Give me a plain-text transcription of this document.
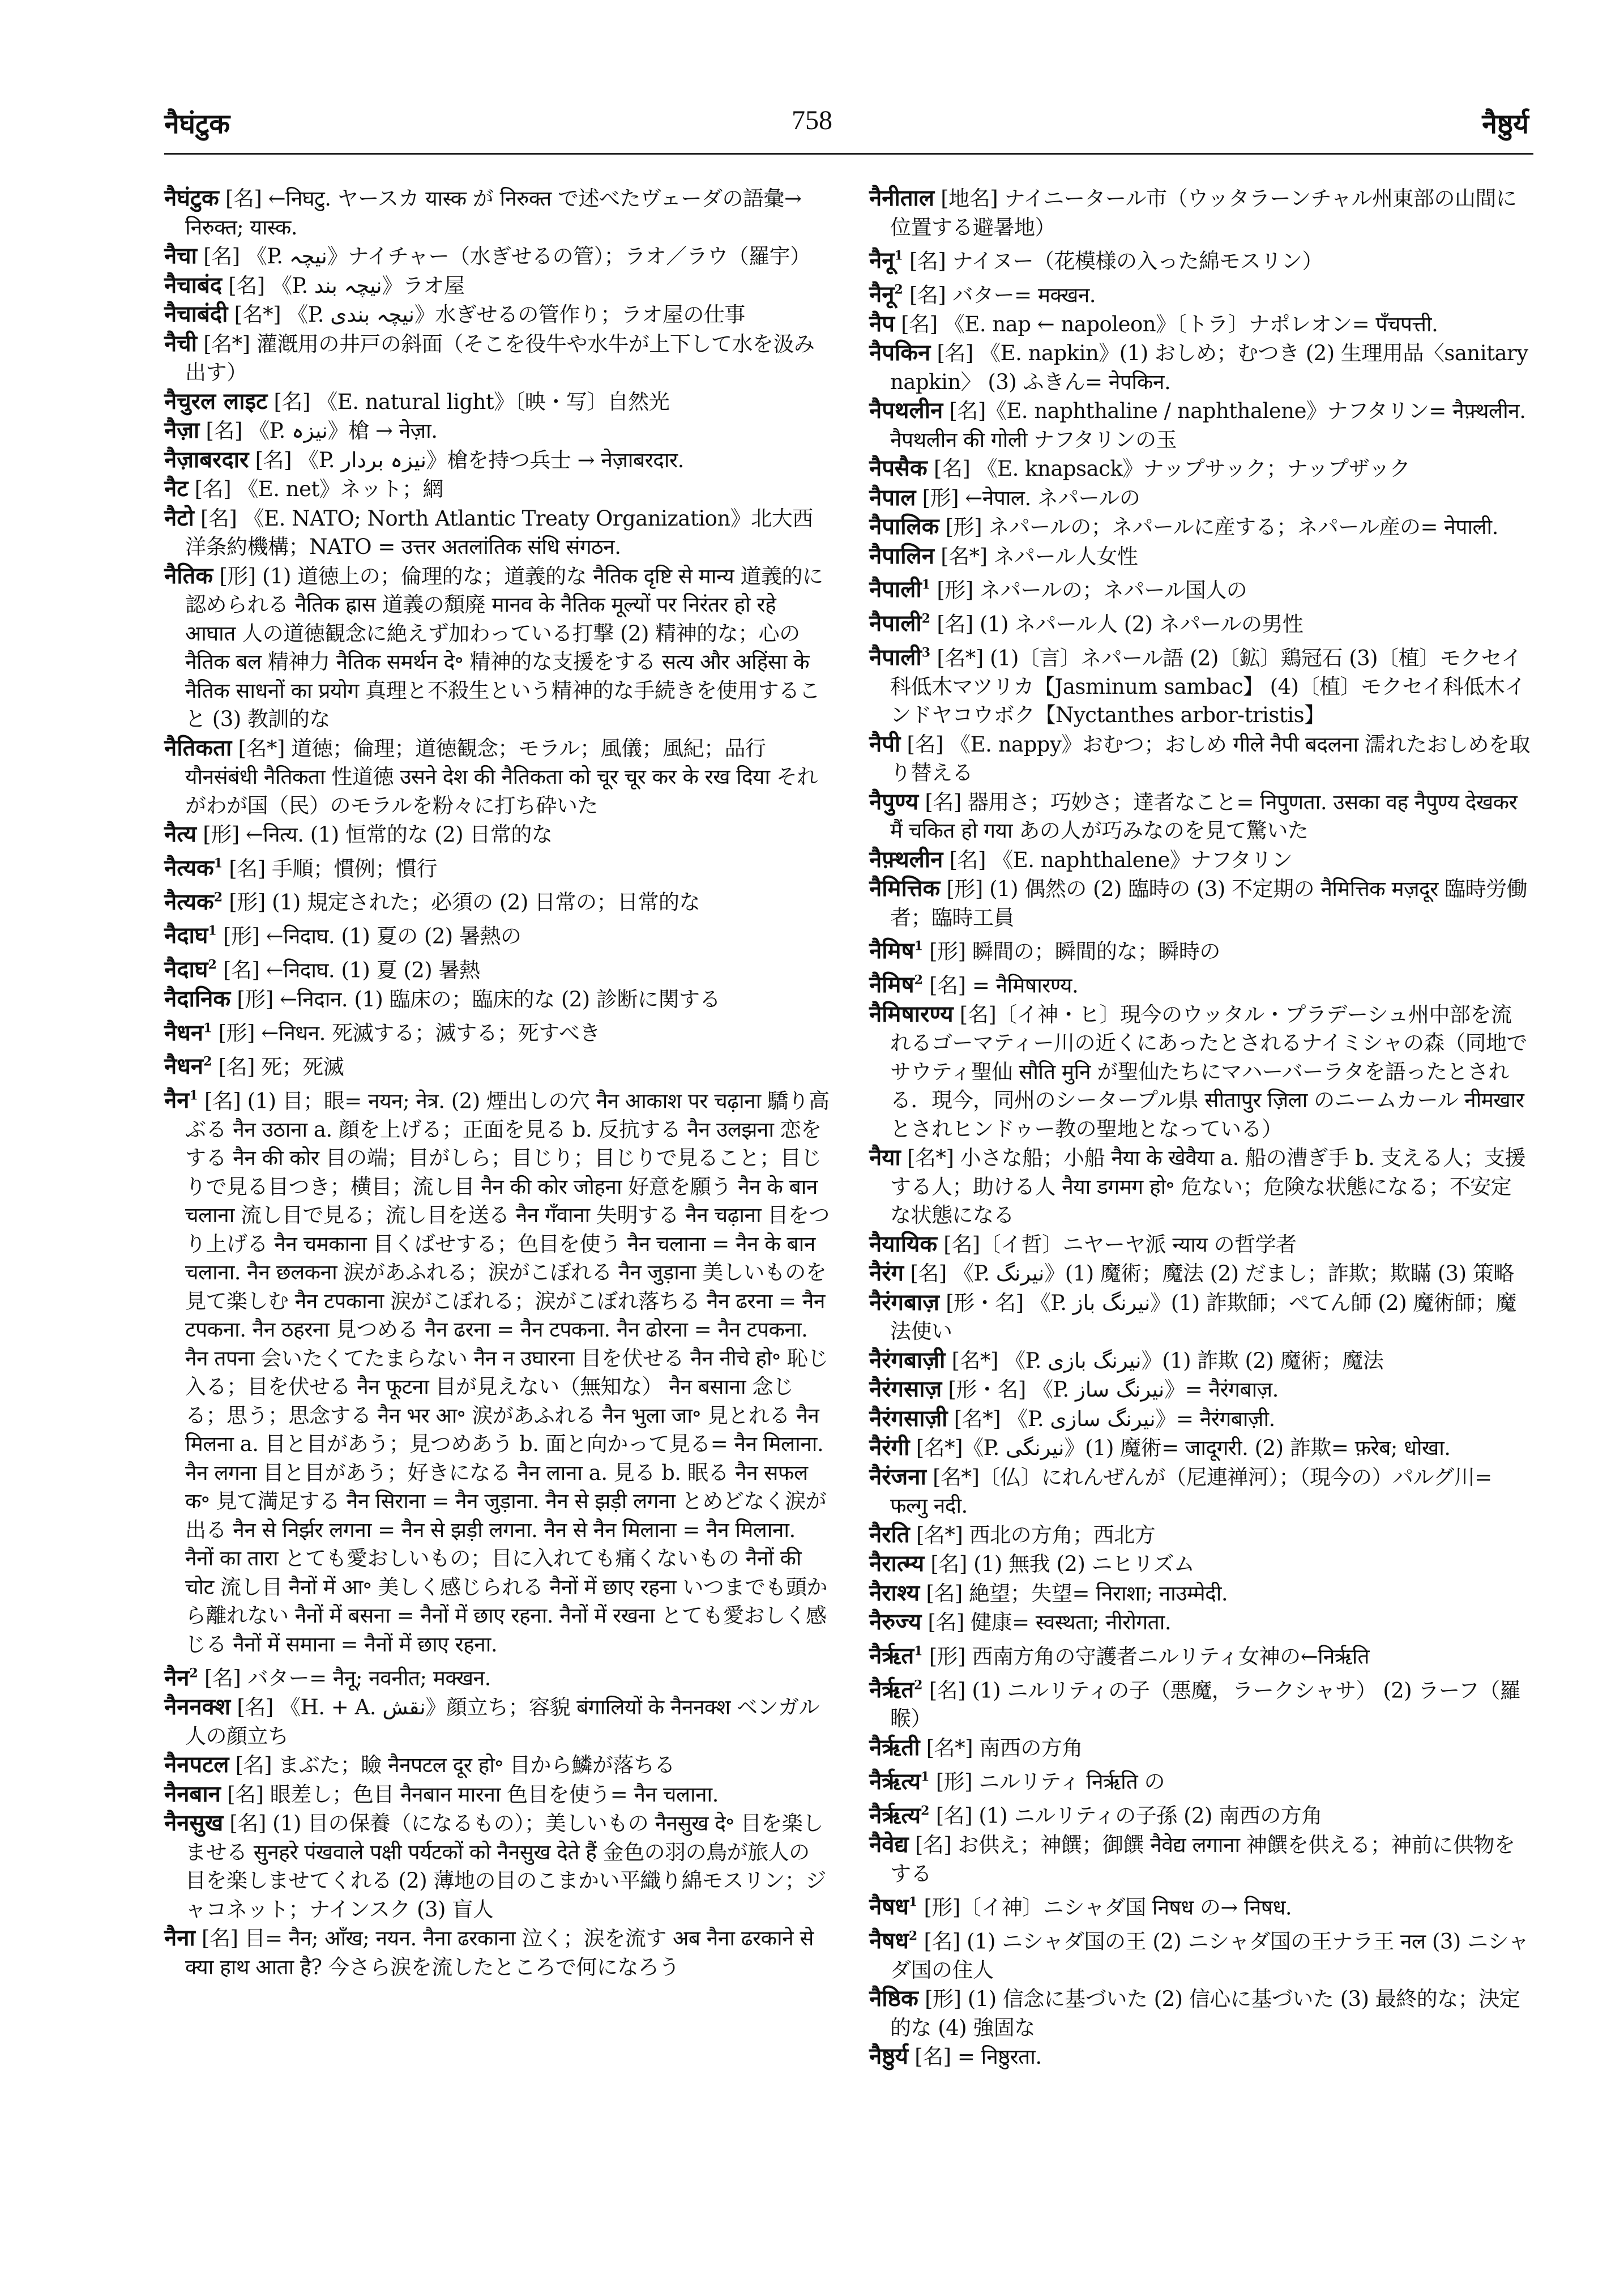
नैघंटुक	758	नैष्ठुर्य

नैघंटुक [名] ←निघटु. ヤースカ यास्क が निरुक्त で述べたヴェーダの語彙→ निरुक्त; यास्क.

नैचा [名] 《P. نیچہ》ナイチャー（水ぎせるの管）；ラオ／ラウ（羅宇）

नैचाबंद [名] 《P. نیچہ بند》ラオ屋

नैचाबंदी [名*] 《P. نیچہ بندی》水ぎせるの管作り；ラオ屋の仕事

नैची [名*] 灌漑用の井戸の斜面（そこを役牛や水牛が上下して水を汲み出す）

नैचुरल लाइट [名] 《E. natural light》〔映・写〕自然光

नैज़ा [名] 《P. نیزہ》槍 → नेज़ा.

नैज़ाबरदार [名] 《P. نیزہ بردار》槍を持つ兵士 → नेज़ाबरदार.

नैट [名] 《E. net》ネット；網

नैटो [名] 《E. NATO; North Atlantic Treaty Organization》北大西洋条約機構；NATO = उत्तर अतलांतिक संधि संगठन.

नैतिक [形] (1) 道徳上の；倫理的な；道義的な नैतिक दृष्टि से मान्य 道義的に認められる नैतिक ह्रास 道義の頽廃 मानव के नैतिक मूल्यों पर निरंतर हो रहे आघात 人の道徳観念に絶えず加わっている打撃 (2) 精神的な；心の नैतिक बल 精神力 नैतिक समर्थन दे॰ 精神的な支援をする सत्य और अहिंसा के नैतिक साधनों का प्रयोग 真理と不殺生という精神的な手続きを使用すること (3) 教訓的な

नैतिकता [名*] 道徳；倫理；道徳観念；モラル；風儀；風紀；品行 यौनसंबंधी नैतिकता 性道徳 उसने देश की नैतिकता को चूर चूर कर के रख दिया それがわが国（民）のモラルを粉々に打ち砕いた

नैत्य [形] ←नित्य. (1) 恒常的な (2) 日常的な

नैत्यक$^1$ [名] 手順；慣例；慣行

नैत्यक$^2$ [形] (1) 規定された；必須の (2) 日常の；日常的な

नैदाघ$^1$ [形] ←निदाघ. (1) 夏の (2) 暑熱の

नैदाघ$^2$ [名] ←निदाघ. (1) 夏 (2) 暑熱

नैदानिक [形] ←निदान. (1) 臨床の；臨床的な (2) 診断に関する

नैधन$^1$ [形] ←निधन. 死滅する；滅する；死すべき

नैधन$^2$ [名] 死；死滅

नैन$^1$ [名] (1) 目；眼= नयन; नेत्र. (2) 煙出しの穴 नैन आकाश पर चढ़ाना 驕り高ぶる नैन उठाना a. 顔を上げる；正面を見る b. 反抗する नैन उलझना 恋をする नैन की कोर 目の端；目がしら；目じり；目じりで見ること；目じりで見る目つき；横目；流し目 नैन की कोर जोहना 好意を願う नैन के बान चलाना 流し目で見る；流し目を送る नैन गँवाना 失明する नैन चढ़ाना 目をつり上げる नैन चमकाना 目くばせする；色目を使う नैन चलाना = नैन के बान चलाना. नैन छलकना 涙があふれる；涙がこぼれる नैन जुड़ाना 美しいものを見て楽しむ नैन टपकाना 涙がこぼれる；涙がこぼれ落ちる नैन ढरना = नैन टपकना. नैन ठहरना 見つめる नैन ढरना = नैन टपकना. नैन ढोरना = नैन टपकना. नैन तपना 会いたくてたまらない नैन न उघारना 目を伏せる नैन नीचे हो॰ 恥じ入る；目を伏せる नैन फूटना 目が見えない（無知な） नैन बसाना 念じる；思う；思念する नैन भर आ॰ 涙があふれる नैन भुला जा॰ 見とれる नैन मिलना a. 目と目があう；見つめあう b. 面と向かって見る= नैन मिलाना. नैन लगना 目と目があう；好きになる नैन लाना a. 見る b. 眠る नैन सफल क॰ 見て満足する नैन सिराना = नैन जुड़ाना. नैन से झड़ी लगना とめどなく涙が出る नैन से निर्झर लगना = नैन से झड़ी लगना. नैन से नैन मिलाना = नैन मिलाना. नैनों का तारा とても愛おしいもの；目に入れても痛くないもの नैनों की चोट 流し目 नैनों में आ॰ 美しく感じられる नैनों में छाए रहना いつまでも頭から離れない नैनों में बसना = नैनों में छाए रहना. नैनों में रखना とても愛おしく感じる नैनों में समाना = नैनों में छाए रहना.

नैन$^2$ [名] バター= नैनू; नवनीत; मक्खन.

नैननक्श [名] 《H. + A. نقش》顔立ち；容貌 बंगालियों के नैननक्श ベンガル人の顔立ち

नैनपटल [名] まぶた；瞼 नैनपटल दूर हो॰ 目から鱗が落ちる

नैनबान [名] 眼差し；色目 नैनबान मारना 色目を使う= नैन चलाना.

नैनसुख [名] (1) 目の保養（になるもの）；美しいもの नैनसुख दे॰ 目を楽しませる सुनहरे पंखवाले पक्षी पर्यटकों को नैनसुख देते हैं 金色の羽の鳥が旅人の目を楽しませてくれる (2) 薄地の目のこまかい平織り綿モスリン；ジャコネット；ナインスク (3) 盲人

नैना [名] 目= नैन; आँख; नयन. नैना ढरकाना 泣く；涙を流す अब नैना ढरकाने से क्या हाथ आता है? 今さら涙を流したところで何になろう

नैनीताल [地名] ナイニータール市（ウッタラーンチャル州東部の山間に位置する避暑地）

नैनू$^1$ [名] ナイヌー（花模様の入った綿モスリン）

नैनू$^2$ [名] バター= मक्खन.

नैप [名] 《E. nap ← napoleon》〔トラ〕ナポレオン= पँचपत्ती.

नैपकिन [名] 《E. napkin》(1) おしめ；むつき (2) 生理用品〈sanitary napkin〉 (3) ふきん= नेपकिन.

नैपथलीन [名]《E. naphthaline / naphthalene》ナフタリン= नैफ़्थलीन. नैपथलीन की गोली ナフタリンの玉

नैपसैक [名] 《E. knapsack》ナップサック；ナップザック

नैपाल [形] ←नेपाल. ネパールの

नैपालिक [形] ネパールの；ネパールに産する；ネパール産の= नेपाली.

नैपालिन [名*] ネパール人女性

नैपाली$^1$ [形] ネパールの；ネパール国人の

नैपाली$^2$ [名] (1) ネパール人 (2) ネパールの男性

नैपाली$^3$ [名*] (1)〔言〕ネパール語 (2)〔鉱〕鶏冠石 (3)〔植〕モクセイ科低木マツリカ【Jasminum sambac】 (4)〔植〕モクセイ科低木インドヤコウボク【Nyctanthes arbor-tristis】

नैपी [名] 《E. nappy》おむつ；おしめ गीले नैपी बदलना 濡れたおしめを取り替える

नैपुण्य [名] 器用さ；巧妙さ；達者なこと= निपुणता. उसका वह नैपुण्य देखकर मैं चकित हो गया あの人が巧みなのを見て驚いた

नैफ़्थलीन [名] 《E. naphthalene》ナフタリン

नैमित्तिक [形] (1) 偶然の (2) 臨時の (3) 不定期の नैमित्तिक मज़दूर 臨時労働者；臨時工員

नैमिष$^1$ [形] 瞬間の；瞬間的な；瞬時の

नैमिष$^2$ [名] = नैमिषारण्य.

नैमिषारण्य [名]〔イ神・ヒ〕現今のウッタル・プラデーシュ州中部を流れるゴーマティー川の近くにあったとされるナイミシャの森（同地でサウティ聖仙 सौति मुनि が聖仙たちにマハーバーラタを語ったとされる．現今，同州のシータープル県 सीतापुर ज़िला のニームカール नीमखार とされヒンドゥー教の聖地となっている）

नैया [名*] 小さな船；小船 नैया के खेवैया a. 船の漕ぎ手 b. 支える人；支援する人；助ける人 नैया डगमग हो॰ 危ない；危険な状態になる；不安定な状態になる

नैयायिक [名]〔イ哲〕ニヤーヤ派 न्याय の哲学者

नैरंग [名] 《P. نیرنگ》(1) 魔術；魔法 (2) だまし；詐欺；欺瞞 (3) 策略

नैरंगबाज़ [形・名] 《P. نیرنگ باز》(1) 詐欺師；ぺてん師 (2) 魔術師；魔法使い

नैरंगबाज़ी [名*] 《P. نیرنگ بازی》(1) 詐欺 (2) 魔術；魔法

नैरंगसाज़ [形・名] 《P. نیرنگ ساز》= नैरंगबाज़.

नैरंगसाज़ी [名*] 《P. نیرنگ سازی》= नैरंगबाज़ी.

नैरंगी [名*]《P. نیرنگی》(1) 魔術= जादूगरी. (2) 詐欺= फ़रेब; धोखा.

नैरंजना [名*]〔仏〕にれんぜんが（尼連禅河）；（現今の）パルグ川= फल्गु नदी.

नैरति [名*] 西北の方角；西北方

नैरात्म्य [名] (1) 無我 (2) ニヒリズム

नैराश्य [名] 絶望；失望= निराशा; नाउम्मेदी.

नैरुज्य [名] 健康= स्वस्थता; नीरोगता.

नैर्ऋत$^1$ [形] 西南方角の守護者ニルリティ女神の←निर्ऋति

नैर्ऋत$^2$ [名] (1) ニルリティの子（悪魔，ラークシャサ） (2) ラーフ（羅睺）

नैर्ऋती [名*] 南西の方角

नैर्ऋत्य$^1$ [形] ニルリティ निर्ऋति の

नैर्ऋत्य$^2$ [名] (1) ニルリティの子孫 (2) 南西の方角

नैवेद्य [名] お供え；神饌；御饌 नैवेद्य लगाना 神饌を供える；神前に供物をする

नैषध$^1$ [形]〔イ神〕ニシャダ国 निषध の→ निषध.

नैषध$^2$ [名] (1) ニシャダ国の王 (2) ニシャダ国の王ナラ王 नल (3) ニシャダ国の住人

नैष्ठिक [形] (1) 信念に基づいた (2) 信心に基づいた (3) 最終的な；決定的な (4) 強固な

नैष्ठुर्य [名] = निष्ठुरता.
